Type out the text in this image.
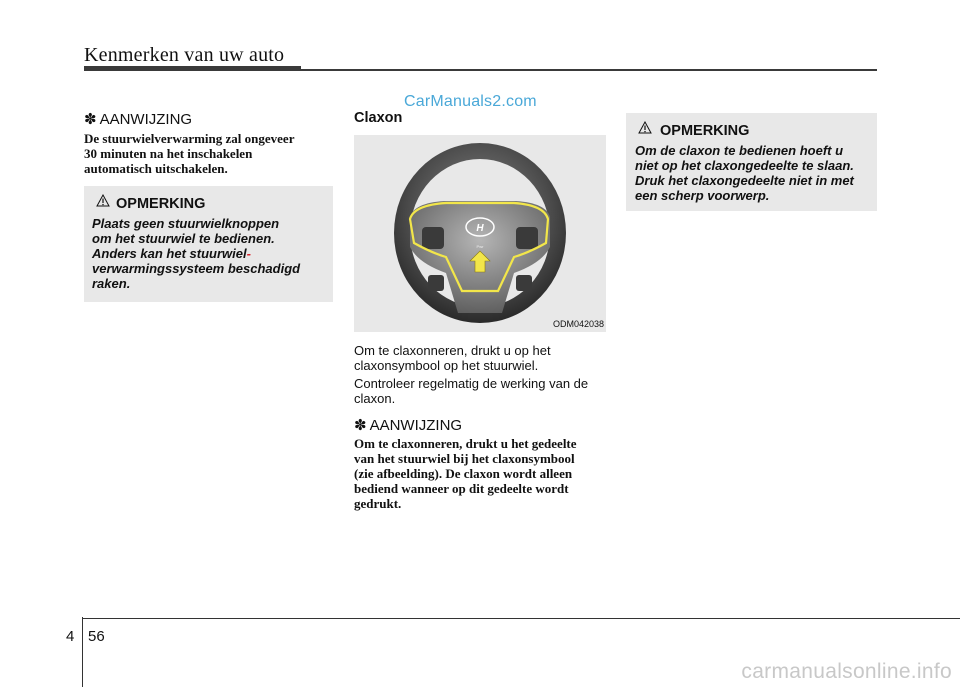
Kenmerken van uw auto
CarManuals2.com
✽ AANWIJZING
De stuurwielverwarming zal ongeveer
30 minuten na het inschakelen
automatisch uitschakelen.
OPMERKING
Plaats geen stuurwielknoppen
om het stuurwiel te bedienen.
Anders kan het stuurwiel-
verwarmingssysteem beschadigd
raken.
Claxon
H
Pwr
ODM042038
Om te claxonneren, drukt u op het
claxonsymbool op het stuurwiel.
Controleer regelmatig de werking van de
claxon.
✽ AANWIJZING
Om te claxonneren, drukt u het gedeelte
van het stuurwiel bij het claxonsymbool
(zie afbeelding). De claxon wordt alleen
bediend wanneer op dit gedeelte wordt
gedrukt.
OPMERKING
Om de claxon te bedienen hoeft u
niet op het claxongedeelte te slaan.
Druk het claxongedeelte niet in met
een scherp voorwerp.
4 56
carmanualsonline.info
